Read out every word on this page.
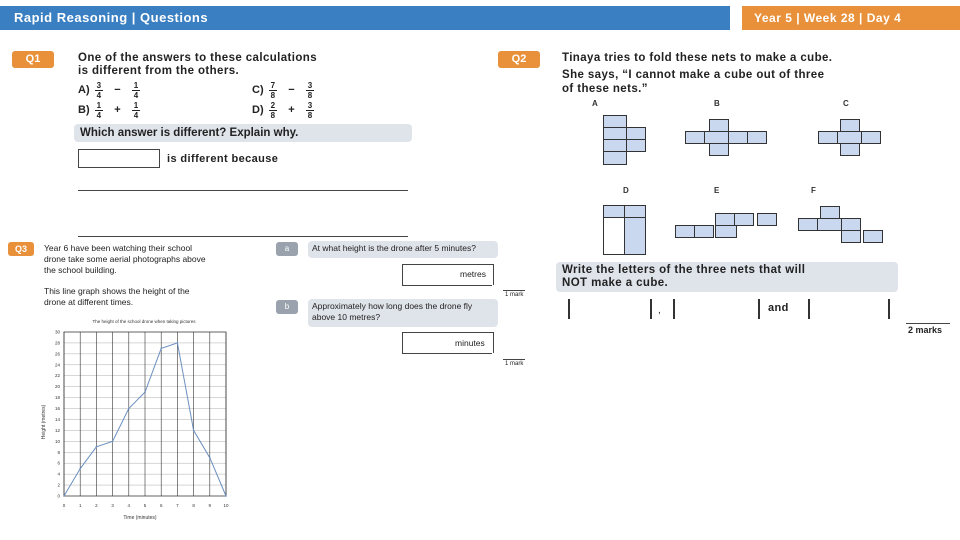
Rapid Reasoning | Questions	Year 5 | Week 28 | Day 4
Q1	One of the answers to these calculations
is different from the others.
$A) \frac{3}{4} - \frac{1}{4}$
$B) \frac{1}{4} + \frac{1}{4}$
$C) \frac{7}{8} - \frac{3}{8}$
$D) \frac{2}{8} + \frac{3}{8}$
Which answer is different? Explain why.
is different because
Q2	Tinaya tries to fold these nets to make a cube.
She says, “I cannot make a cube out of three
of these nets.”
A	B	C
D	E	F
Write the letters of the three nets that will
NOT make a cube.
,	and
2 marks
Q3	Year 6 have been watching their school
drone take some aerial photographs above
the school building.
This line graph shows the height of the
drone at different times.
a	At what height is the drone after 5 minutes?
metres
1 mark
b	Approximately how long does the drone fly
above 10 metres?
minutes
1 mark
The height of the school drone when taking pictures
0
2
4
6
8
10
12
14
16
18
20
22
24
26
28
30
0	1	2	3	4	5	6	7	8	9	10
Time (minutes)
Height (metres)
